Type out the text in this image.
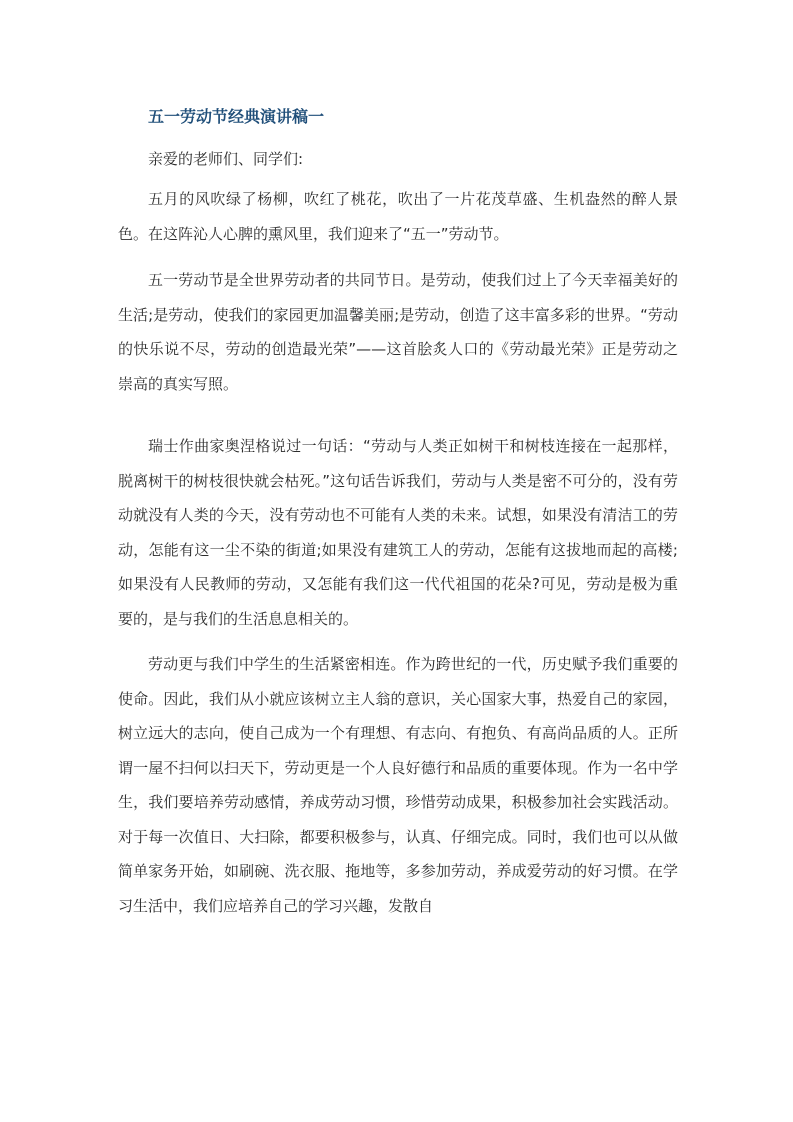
五一劳动节经典演讲稿一
亲爱的老师们、同学们:

五月的风吹绿了杨柳，吹红了桃花，吹出了一片花茂草盛、生机盎然的醉人景色。在这阵沁人心脾的熏风里，我们迎来了“五一”劳动节。

五一劳动节是全世界劳动者的共同节日。是劳动，使我们过上了今天幸福美好的生活;是劳动，使我们的家园更加温馨美丽;是劳动，创造了这丰富多彩的世界。“劳动的快乐说不尽，劳动的创造最光荣”——这首脍炙人口的《劳动最光荣》正是劳动之崇高的真实写照。

瑞士作曲家奥涅格说过一句话：“劳动与人类正如树干和树枝连接在一起那样，脱离树干的树枝很快就会枯死。”这句话告诉我们，劳动与人类是密不可分的，没有劳动就没有人类的今天，没有劳动也不可能有人类的未来。试想，如果没有清洁工的劳动，怎能有这一尘不染的街道;如果没有建筑工人的劳动，怎能有这拔地而起的高楼;如果没有人民教师的劳动，又怎能有我们这一代代祖国的花朵?可见，劳动是极为重要的，是与我们的生活息息相关的。

劳动更与我们中学生的生活紧密相连。作为跨世纪的一代，历史赋予我们重要的使命。因此，我们从小就应该树立主人翁的意识，关心国家大事，热爱自己的家园，树立远大的志向，使自己成为一个有理想、有志向、有抱负、有高尚品质的人。正所谓一屋不扫何以扫天下，劳动更是一个人良好德行和品质的重要体现。作为一名中学生，我们要培养劳动感情，养成劳动习惯，珍惜劳动成果，积极参加社会实践活动。对于每一次值日、大扫除，都要积极参与，认真、仔细完成。同时，我们也可以从做简单家务开始，如刷碗、洗衣服、拖地等，多参加劳动，养成爱劳动的好习惯。在学习生活中，我们应培养自己的学习兴趣，发散自
